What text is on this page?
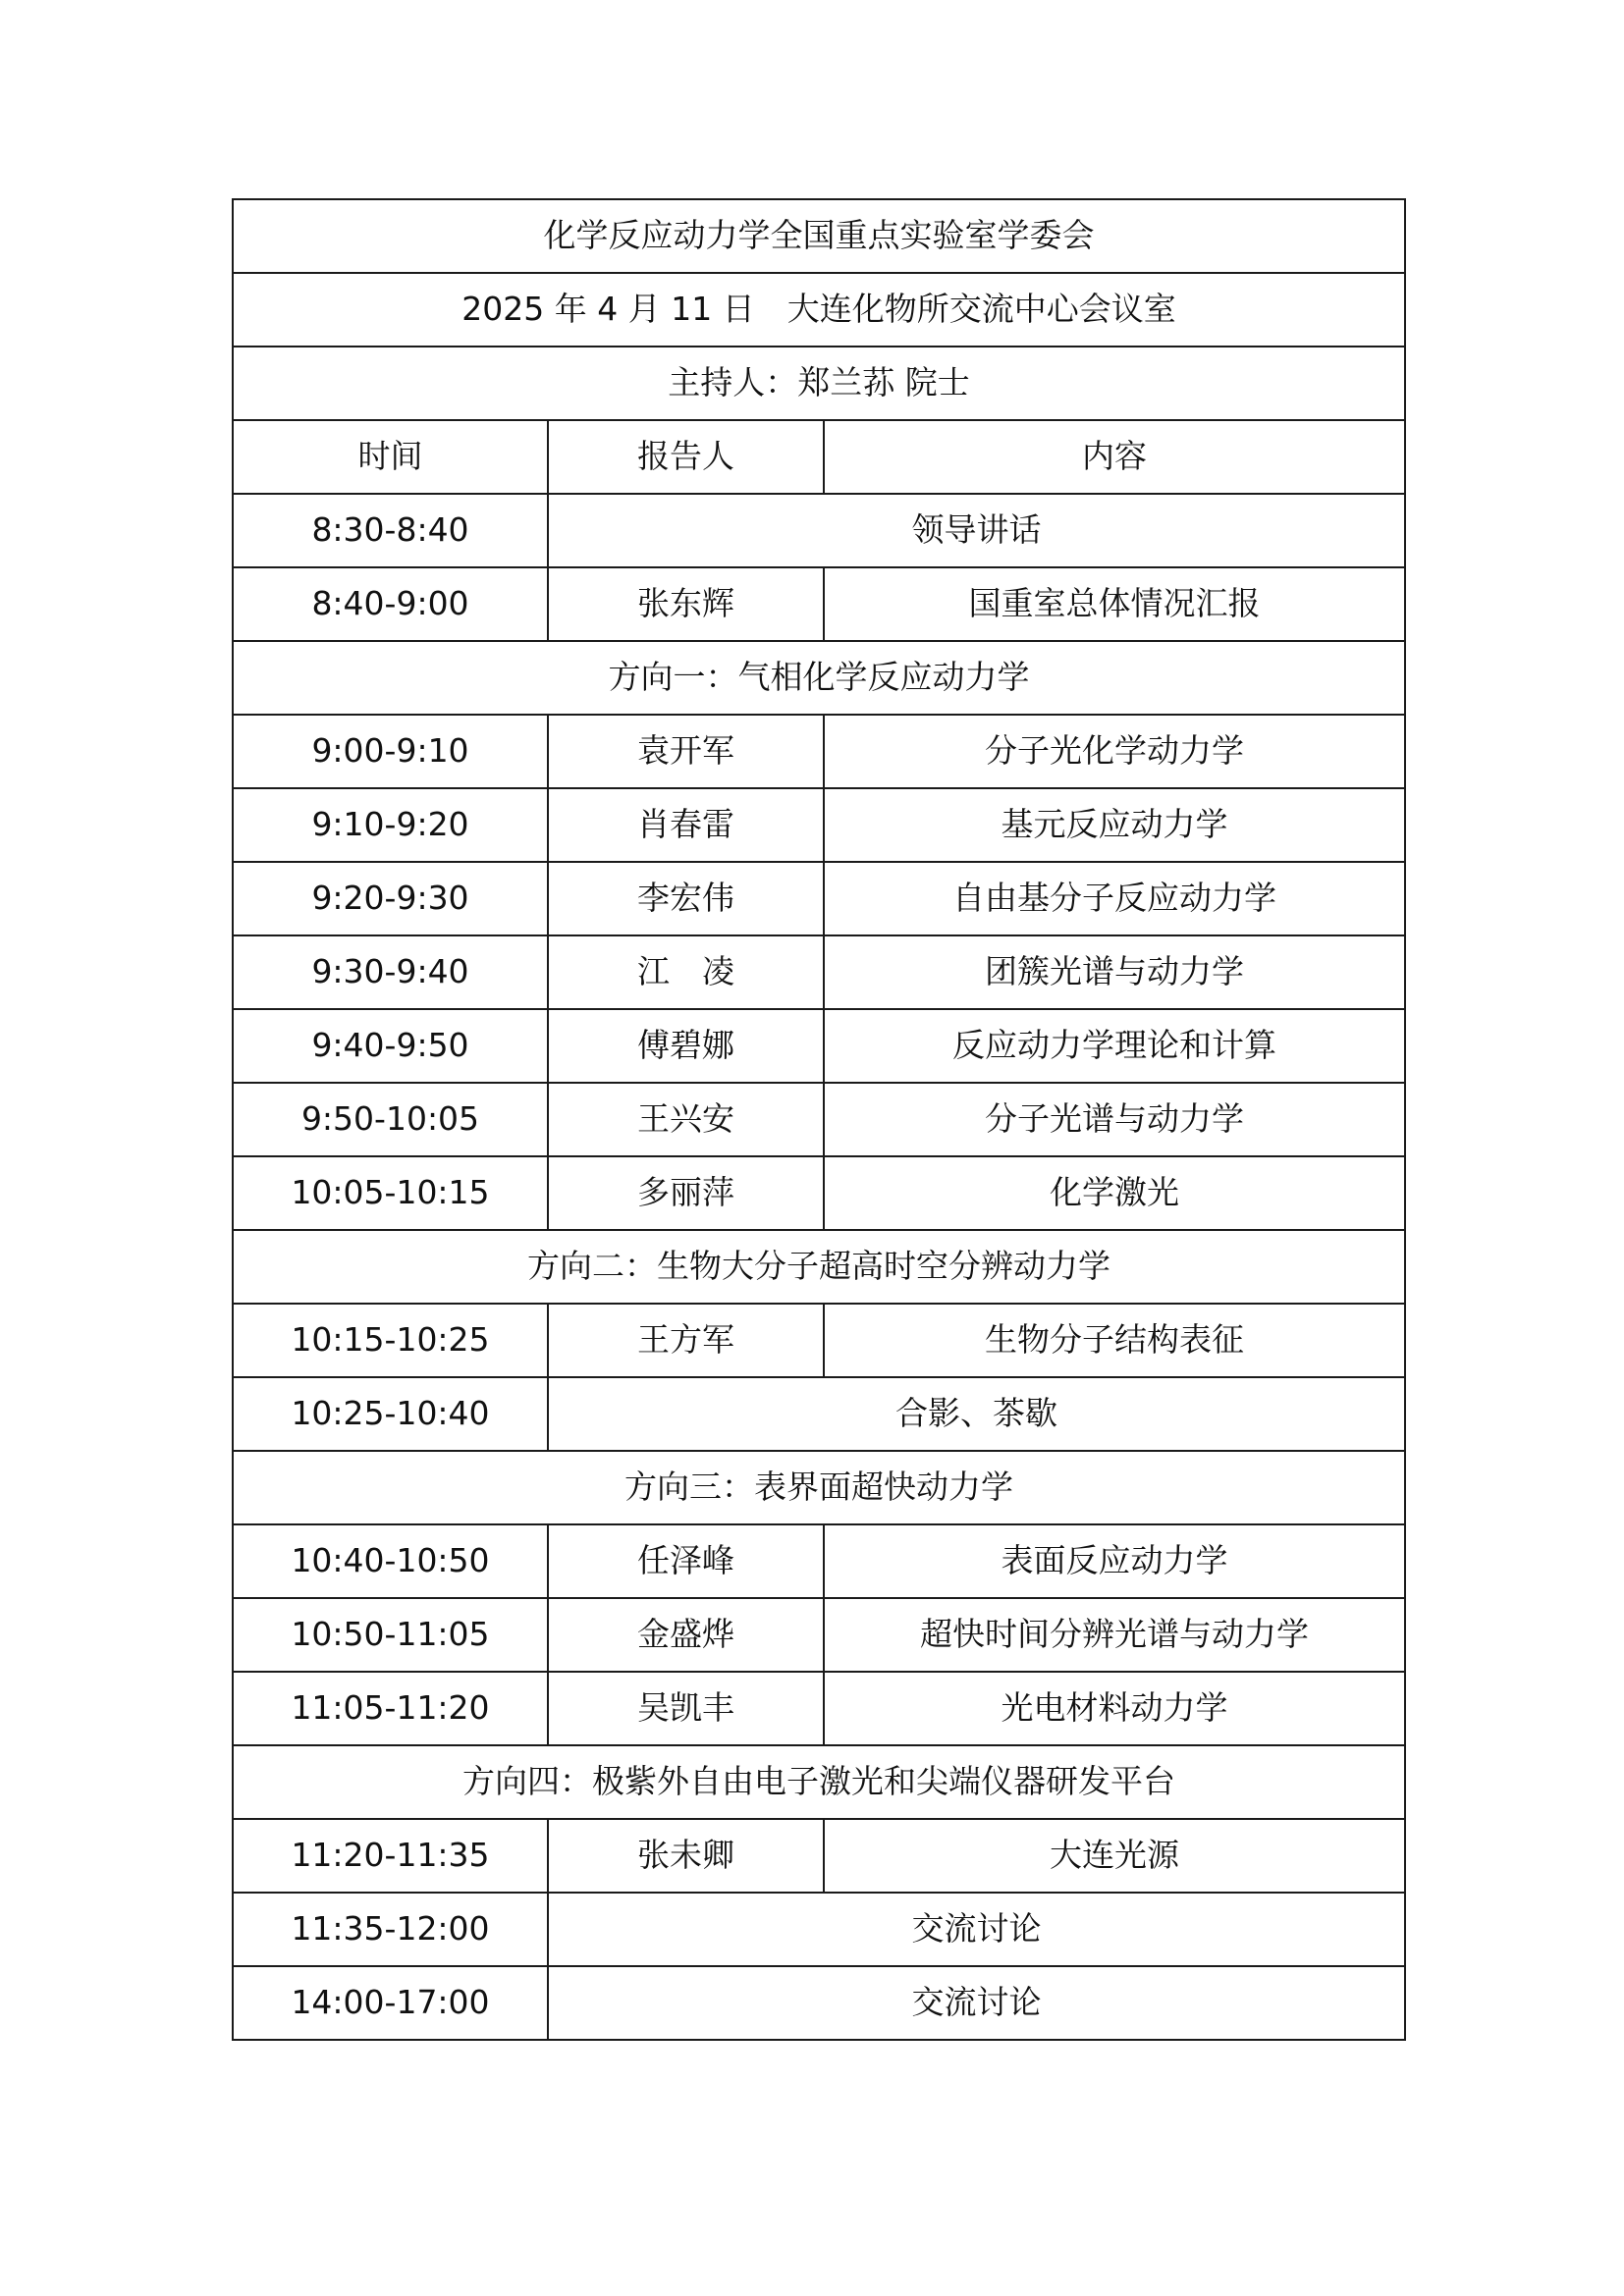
化学反应动力学全国重点实验室学委会		
2025 年 4 月 11 日　大连化物所交流中心会议室		
主持人：郑兰荪 院士		
时间	报告人	内容
8:30-8:40	领导讲话	
8:40-9:00	张东辉	国重室总体情况汇报
方向一：气相化学反应动力学		
9:00-9:10	袁开军	分子光化学动力学
9:10-9:20	肖春雷	基元反应动力学
9:20-9:30	李宏伟	自由基分子反应动力学
9:30-9:40	江　凌	团簇光谱与动力学
9:40-9:50	傅碧娜	反应动力学理论和计算
9:50-10:05	王兴安	分子光谱与动力学
10:05-10:15	多丽萍	化学激光
方向二：生物大分子超高时空分辨动力学		
10:15-10:25	王方军	生物分子结构表征
10:25-10:40	合影、茶歇	
方向三：表界面超快动力学		
10:40-10:50	任泽峰	表面反应动力学
10:50-11:05	金盛烨	超快时间分辨光谱与动力学
11:05-11:20	吴凯丰	光电材料动力学
方向四：极紫外自由电子激光和尖端仪器研发平台		
11:20-11:35	张未卿	大连光源
11:35-12:00	交流讨论	
14:00-17:00	交流讨论	
